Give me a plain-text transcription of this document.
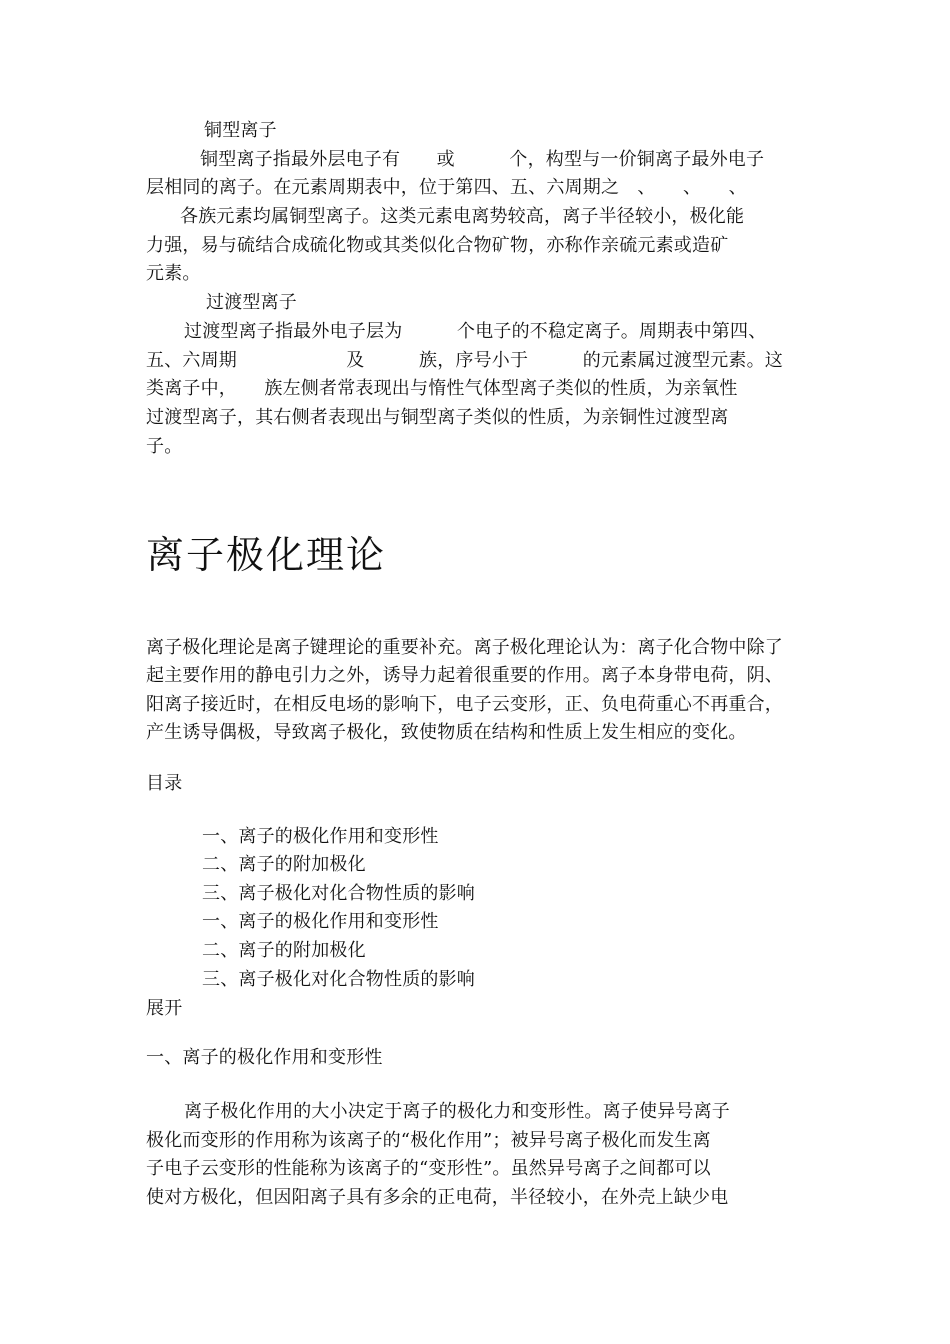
铜型离子
铜型离子指最外层电子有　　或　　　个，构型与一价铜离子最外电子
层相同的离子。在元素周期表中，位于第四、五、六周期之　、　　、　　、
各族元素均属铜型离子。这类元素电离势较高，离子半径较小，极化能
力强，易与硫结合成硫化物或其类似化合物矿物，亦称作亲硫元素或造矿
元素。
过渡型离子
过渡型离子指最外电子层为　　　个电子的不稳定离子。周期表中第四、
五、六周期　　　　　　及　　　族，序号小于　　　的元素属过渡型元素。这
类离子中，　　族左侧者常表现出与惰性气体型离子类似的性质，为亲氧性
过渡型离子，其右侧者表现出与铜型离子类似的性质，为亲铜性过渡型离
子。
离子极化理论
离子极化理论是离子键理论的重要补充。离子极化理论认为：离子化合物中除了
起主要作用的静电引力之外，诱导力起着很重要的作用。离子本身带电荷，阴、
阳离子接近时，在相反电场的影响下，电子云变形，正、负电荷重心不再重合，
产生诱导偶极，导致离子极化，致使物质在结构和性质上发生相应的变化。
目录
一、离子的极化作用和变形性
二、离子的附加极化
三、离子极化对化合物性质的影响
一、离子的极化作用和变形性
二、离子的附加极化
三、离子极化对化合物性质的影响
展开
一、离子的极化作用和变形性
离子极化作用的大小决定于离子的极化力和变形性。离子使异号离子
极化而变形的作用称为该离子的“极化作用”；被异号离子极化而发生离
子电子云变形的性能称为该离子的“变形性”。虽然异号离子之间都可以
使对方极化，但因阳离子具有多余的正电荷，半径较小，在外壳上缺少电
